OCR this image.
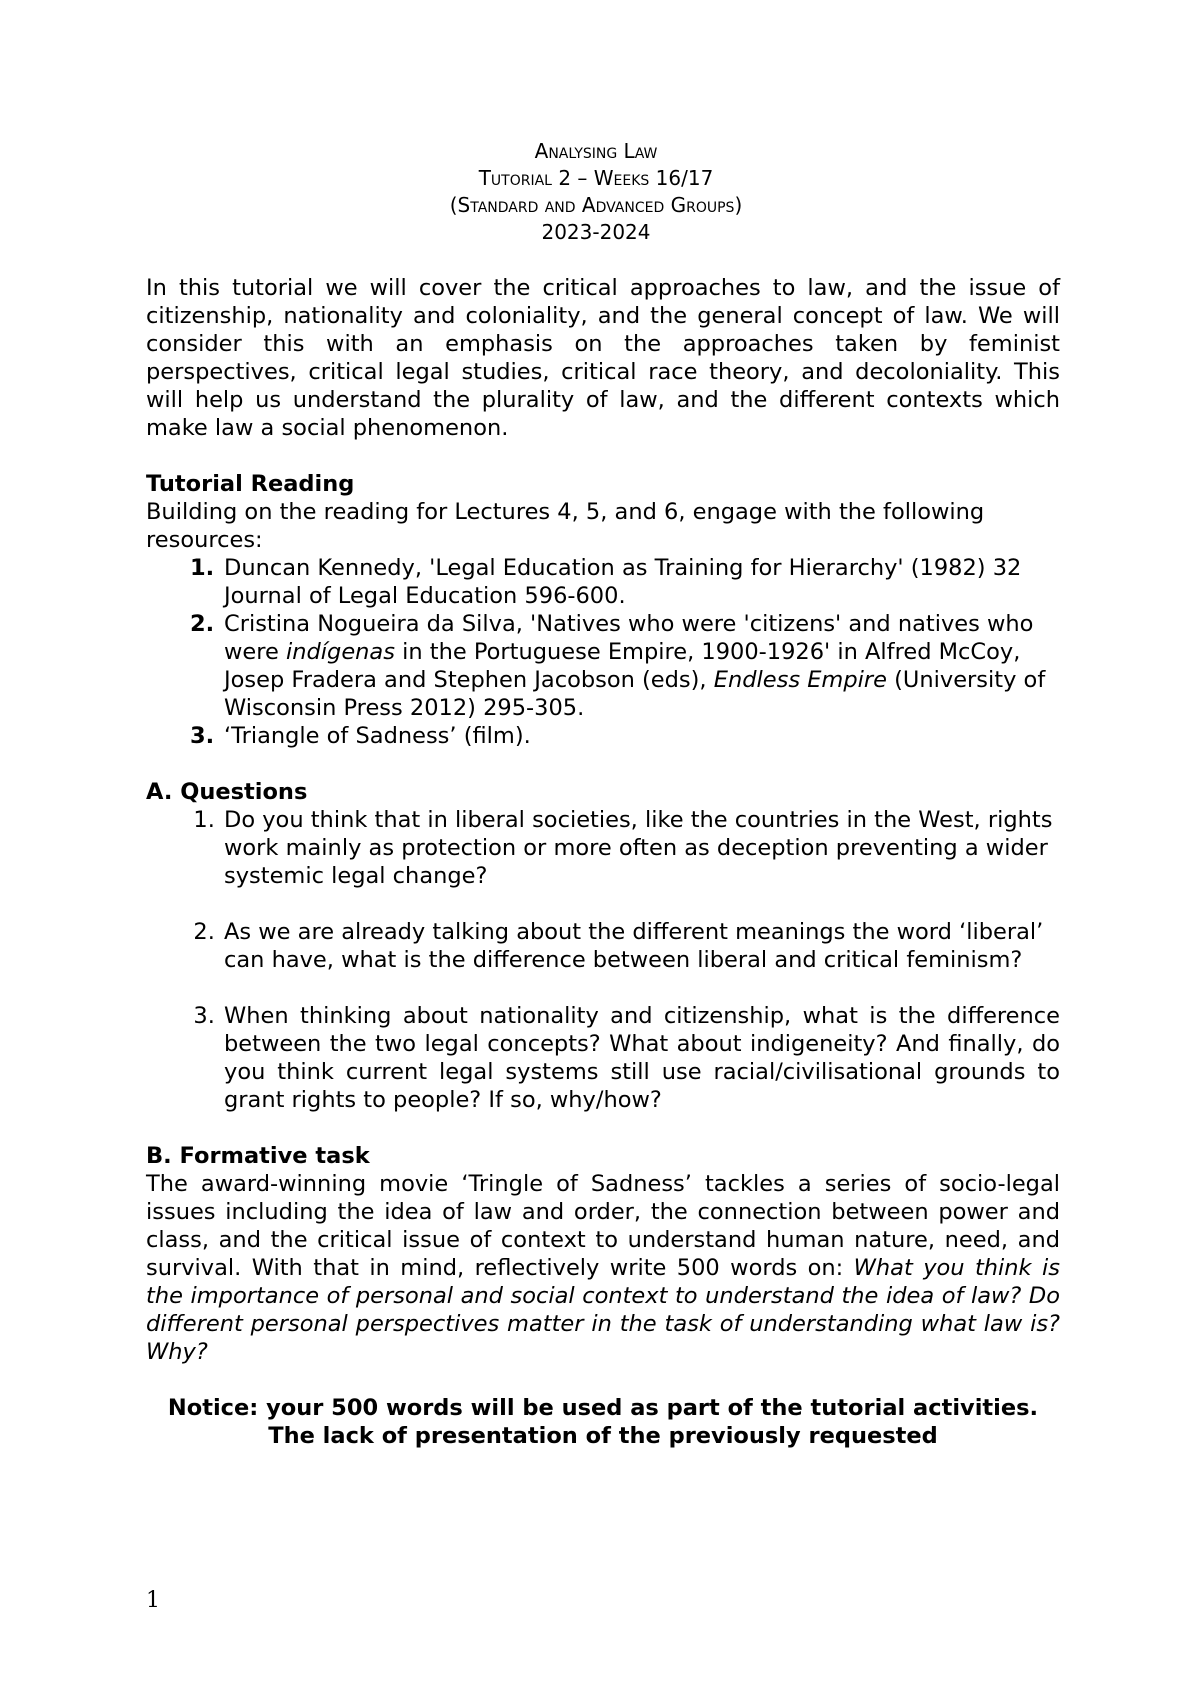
Analysing Law
Tutorial 2 – Weeks 16/17
(Standard and Advanced Groups)
2023-2024

In this tutorial we will cover the critical approaches to law, and the issue of citizenship, nationality and coloniality, and the general concept of law. We will consider this with an emphasis on the approaches taken by feminist perspectives, critical legal studies, critical race theory, and decoloniality. This will help us understand the plurality of law, and the different contexts which make law a social phenomenon.

Tutorial Reading
Building on the reading for Lectures 4, 5, and 6, engage with the following resources:
1. Duncan Kennedy, 'Legal Education as Training for Hierarchy' (1982) 32 Journal of Legal Education 596-600.
2. Cristina Nogueira da Silva, 'Natives who were 'citizens' and natives who were indígenas in the Portuguese Empire, 1900-1926' in Alfred McCoy, Josep Fradera and Stephen Jacobson (eds), Endless Empire (University of Wisconsin Press 2012) 295-305.
3. ‘Triangle of Sadness’ (film).
A. Questions
1. Do you think that in liberal societies, like the countries in the West, rights work mainly as protection or more often as deception preventing a wider systemic legal change?
2. As we are already talking about the different meanings the word ‘liberal’ can have, what is the difference between liberal and critical feminism?
3. When thinking about nationality and citizenship, what is the difference between the two legal concepts? What about indigeneity? And finally, do you think current legal systems still use racial/civilisational grounds to grant rights to people? If so, why/how?
B. Formative task
The award-winning movie ‘Tringle of Sadness’ tackles a series of socio-legal issues including the idea of law and order, the connection between power and class, and the critical issue of context to understand human nature, need, and survival. With that in mind, reflectively write 500 words on: What you think is the importance of personal and social context to understand the idea of law? Do different personal perspectives matter in the task of understanding what law is? Why?
Notice: your 500 words will be used as part of the tutorial activities. The lack of presentation of the previously requested
1
